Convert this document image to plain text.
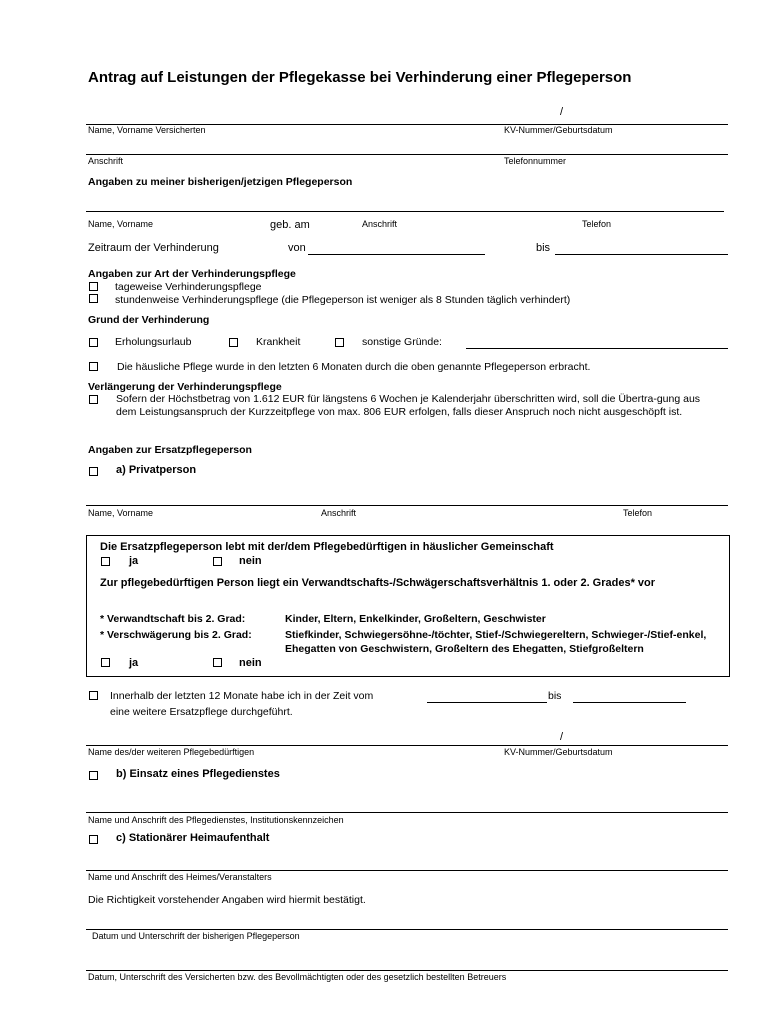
Antrag auf Leistungen der Pflegekasse bei Verhinderung einer Pflegeperson
/
Name, Vorname Versicherten	KV-Nummer/Geburtsdatum
Anschrift	Telefonnummer
Angaben zu meiner bisherigen/jetzigen Pflegeperson
Name, Vorname	geb. am	Anschrift	Telefon
Zeitraum der Verhinderung	von	bis
Angaben zur Art der Verhinderungspflege
tageweise Verhinderungspflege
stundenweise Verhinderungspflege (die Pflegeperson ist weniger als 8 Stunden täglich verhindert)
Grund der Verhinderung
Erholungsurlaub	Krankheit	sonstige Gründe:
Die häusliche Pflege wurde in den letzten 6 Monaten durch die oben genannte Pflegeperson erbracht.
Verlängerung der Verhinderungspflege
Sofern der Höchstbetrag von 1.612 EUR für längstens 6 Wochen je Kalenderjahr überschritten wird, soll die Übertra-gung aus dem Leistungsanspruch der Kurzzeitpflege von max. 806 EUR erfolgen, falls dieser Anspruch noch nicht ausgeschöpft ist.
Angaben zur Ersatzpflegeperson
a) Privatperson
Name, Vorname	Anschrift	Telefon
Die Ersatzpflegeperson lebt mit der/dem Pflegebedürftigen in häuslicher Gemeinschaft
ja	nein
Zur pflegebedürftigen Person liegt ein Verwandtschafts-/Schwägerschaftsverhältnis 1. oder 2. Grades* vor
* Verwandtschaft bis 2. Grad:	Kinder, Eltern, Enkelkinder, Großeltern, Geschwister
* Verschwägerung bis 2. Grad:	Stiefkinder, Schwiegersöhne-/töchter, Stief-/Schwiegereltern, Schwieger-/Stief-enkel, Ehegatten von Geschwistern, Großeltern des Ehegatten, Stiefgroßeltern
ja	nein
Innerhalb der letzten 12 Monate habe ich in der Zeit vom	bis
eine weitere Ersatzpflege durchgeführt.
/
Name des/der weiteren Pflegebedürftigen	KV-Nummer/Geburtsdatum
b) Einsatz eines Pflegedienstes
Name und Anschrift des Pflegedienstes, Institutionskennzeichen
c) Stationärer Heimaufenthalt
Name und Anschrift des Heimes/Veranstalters
Die Richtigkeit vorstehender Angaben wird hiermit bestätigt.
Datum und Unterschrift der bisherigen Pflegeperson
Datum, Unterschrift des Versicherten bzw. des Bevollmächtigten oder des gesetzlich bestellten Betreuers
